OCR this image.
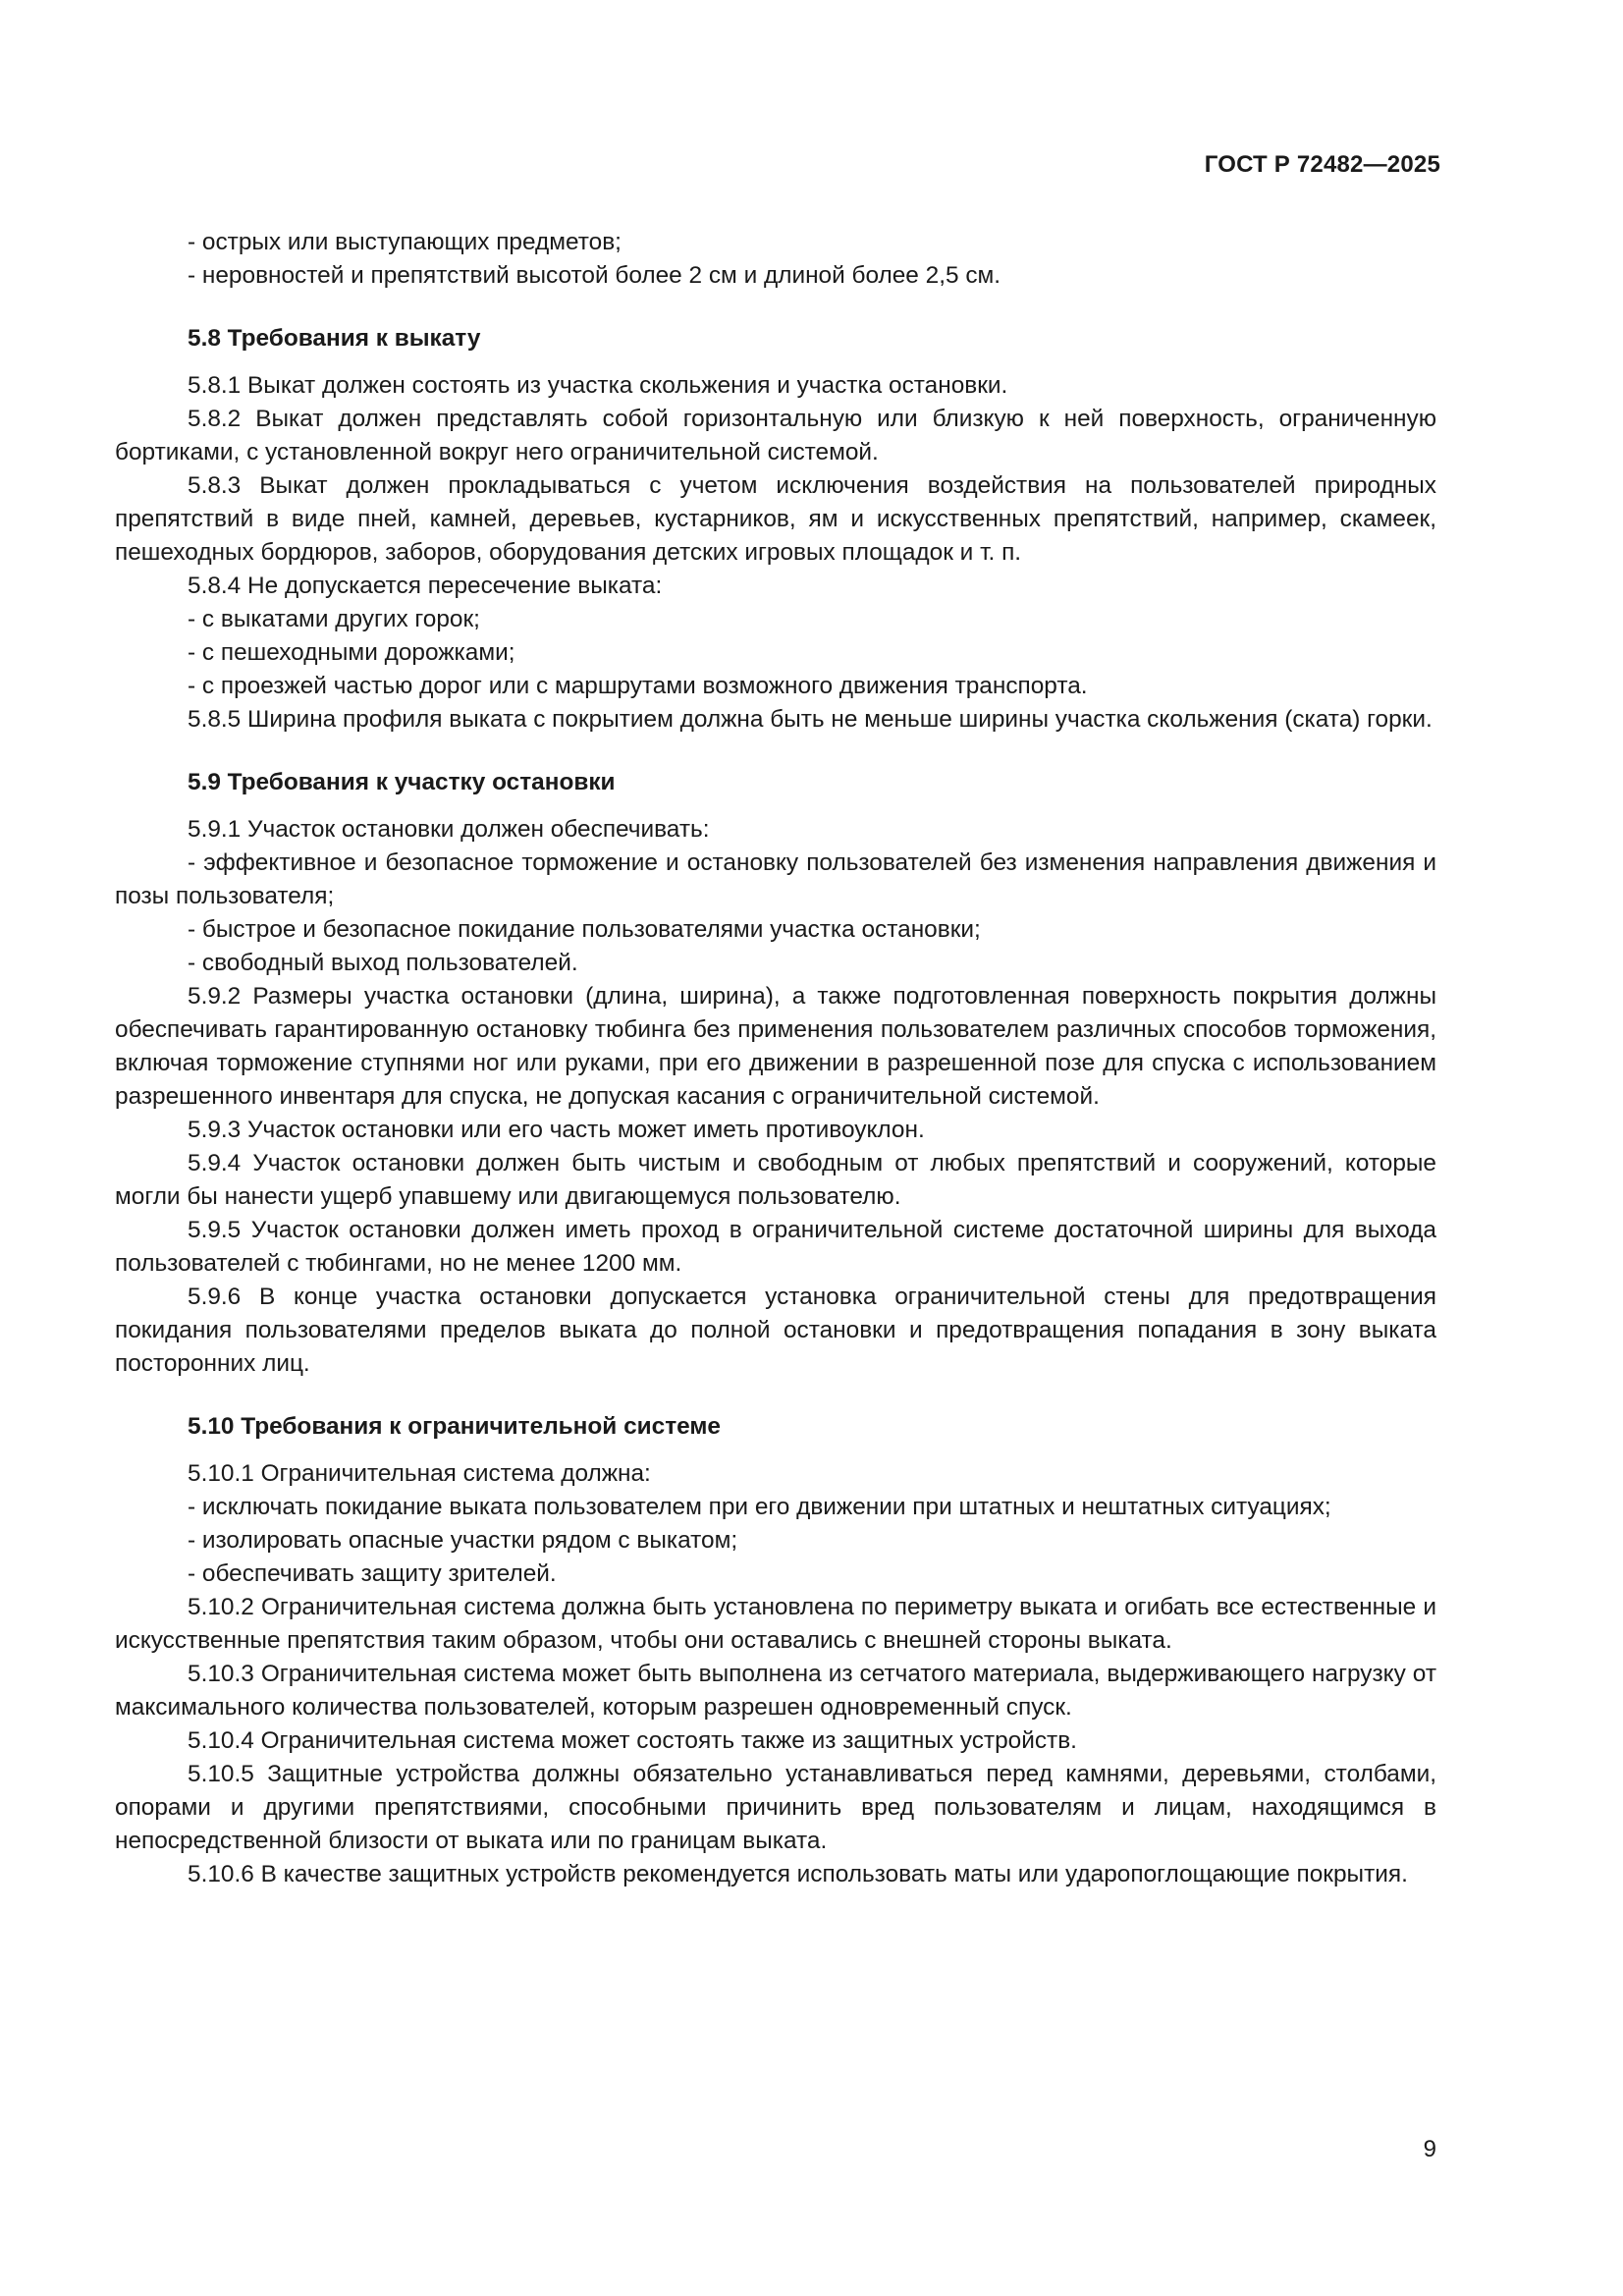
ГОСТ Р 72482—2025

- острых или выступающих предметов;

- неровностей и препятствий высотой более 2 см и длиной более 2,5 см.

5.8 Требования к выкату

5.8.1 Выкат должен состоять из участка скольжения и участка остановки.

5.8.2 Выкат должен представлять собой горизонтальную или близкую к ней поверхность, ограниченную бортиками, с установленной вокруг него ограничительной системой.

5.8.3 Выкат должен прокладываться с учетом исключения воздействия на пользователей природных препятствий в виде пней, камней, деревьев, кустарников, ям и искусственных препятствий, например, скамеек, пешеходных бордюров, заборов, оборудования детских игровых площадок и т. п.

5.8.4 Не допускается пересечение выката:

- с выкатами других горок;

- с пешеходными дорожками;

- с проезжей частью дорог или с маршрутами возможного движения транспорта.

5.8.5 Ширина профиля выката с покрытием должна быть не меньше ширины участка скольжения (ската) горки.

5.9 Требования к участку остановки

5.9.1 Участок остановки должен обеспечивать:

- эффективное и безопасное торможение и остановку пользователей без изменения направления движения и позы пользователя;

- быстрое и безопасное покидание пользователями участка остановки;

- свободный выход пользователей.

5.9.2 Размеры участка остановки (длина, ширина), а также подготовленная поверхность покрытия должны обеспечивать гарантированную остановку тюбинга без применения пользователем различных способов торможения, включая торможение ступнями ног или руками, при его движении в разрешенной позе для спуска с использованием разрешенного инвентаря для спуска, не допуская касания с ограничительной системой.

5.9.3 Участок остановки или его часть может иметь противоуклон.

5.9.4 Участок остановки должен быть чистым и свободным от любых препятствий и сооружений, которые могли бы нанести ущерб упавшему или двигающемуся пользователю.

5.9.5 Участок остановки должен иметь проход в ограничительной системе достаточной ширины для выхода пользователей с тюбингами, но не менее 1200 мм.

5.9.6 В конце участка остановки допускается установка ограничительной стены для предотвращения покидания пользователями пределов выката до полной остановки и предотвращения попадания в зону выката посторонних лиц.

5.10 Требования к ограничительной системе

5.10.1 Ограничительная система должна:

- исключать покидание выката пользователем при его движении при штатных и нештатных ситуациях;

- изолировать опасные участки рядом с выкатом;

- обеспечивать защиту зрителей.

5.10.2 Ограничительная система должна быть установлена по периметру выката и огибать все естественные и искусственные препятствия таким образом, чтобы они оставались с внешней стороны выката.

5.10.3 Ограничительная система может быть выполнена из сетчатого материала, выдерживающего нагрузку от максимального количества пользователей, которым разрешен одновременный спуск.

5.10.4 Ограничительная система может состоять также из защитных устройств.

5.10.5 Защитные устройства должны обязательно устанавливаться перед камнями, деревьями, столбами, опорами и другими препятствиями, способными причинить вред пользователям и лицам, находящимся в непосредственной близости от выката или по границам выката.

5.10.6 В качестве защитных устройств рекомендуется использовать маты или ударопоглощающие покрытия.

9
